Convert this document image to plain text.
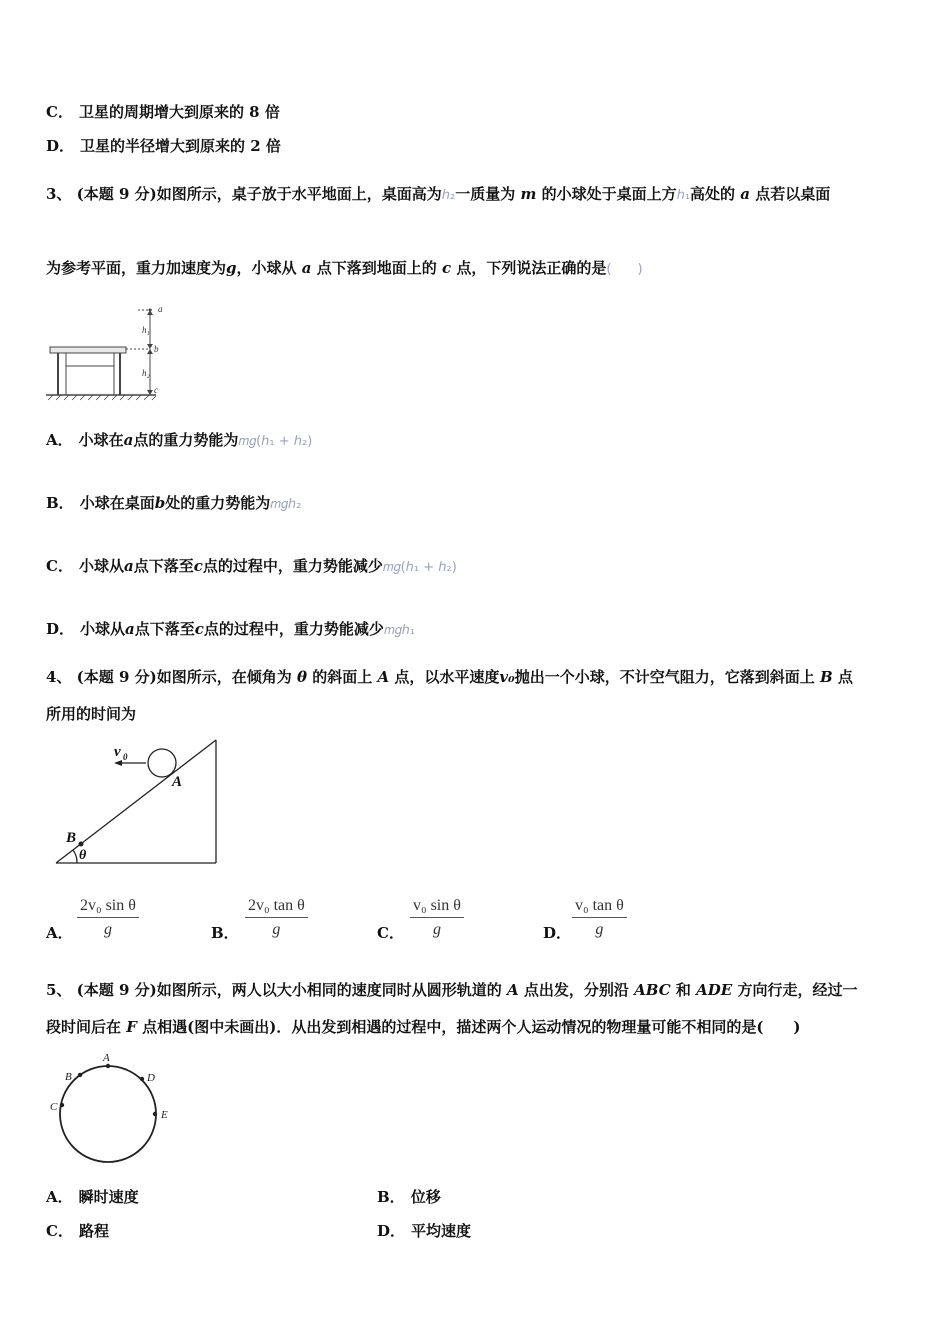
C． 卫星的周期增大到原来的 8 倍
D． 卫星的半径增大到原来的 2 倍
3、 (本题 9 分)如图所示，桌子放于水平地面上，桌面高为ℎ₂一质量为 m 的小球处于桌面上方ℎ₁高处的 a 点若以桌面
为参考平面，重力加速度为g，小球从 a 点下落到地面上的 c 点，下列说法正确的是(　　)
a
h₁
b
h₂
c
A． 小球在a点的重力势能为𝑚𝑔(ℎ₁ + ℎ₂)
B． 小球在桌面b处的重力势能为𝑚𝑔ℎ₂
C． 小球从a点下落至c点的过程中，重力势能减少𝑚𝑔(ℎ₁ + ℎ₂)
D． 小球从a点下落至c点的过程中，重力势能减少𝑚𝑔ℎ₁
4、 (本题 9 分)如图所示，在倾角为 θ 的斜面上 A 点，以水平速度v₀抛出一个小球，不计空气阻力，它落到斜面上 B 点
所用的时间为
v 0
A
B
θ
A． $\frac{\text{2v₀ sin θ}}{g}$	B． $\frac{\text{2v₀ tan θ}}{g}$	C． $\frac{\text{v₀ sin θ}}{g}$	D． $\frac{\text{v₀ tan θ}}{g}$
5、 (本题 9 分)如图所示，两人以大小相同的速度同时从圆形轨道的 A 点出发，分别沿 ABC 和 ADE 方向行走，经过一
段时间后在 F 点相遇(图中未画出)．从出发到相遇的过程中，描述两个人运动情况的物理量可能不相同的是(　　)
A
B
C
D
E
A． 瞬时速度	B． 位移
C． 路程	D． 平均速度
